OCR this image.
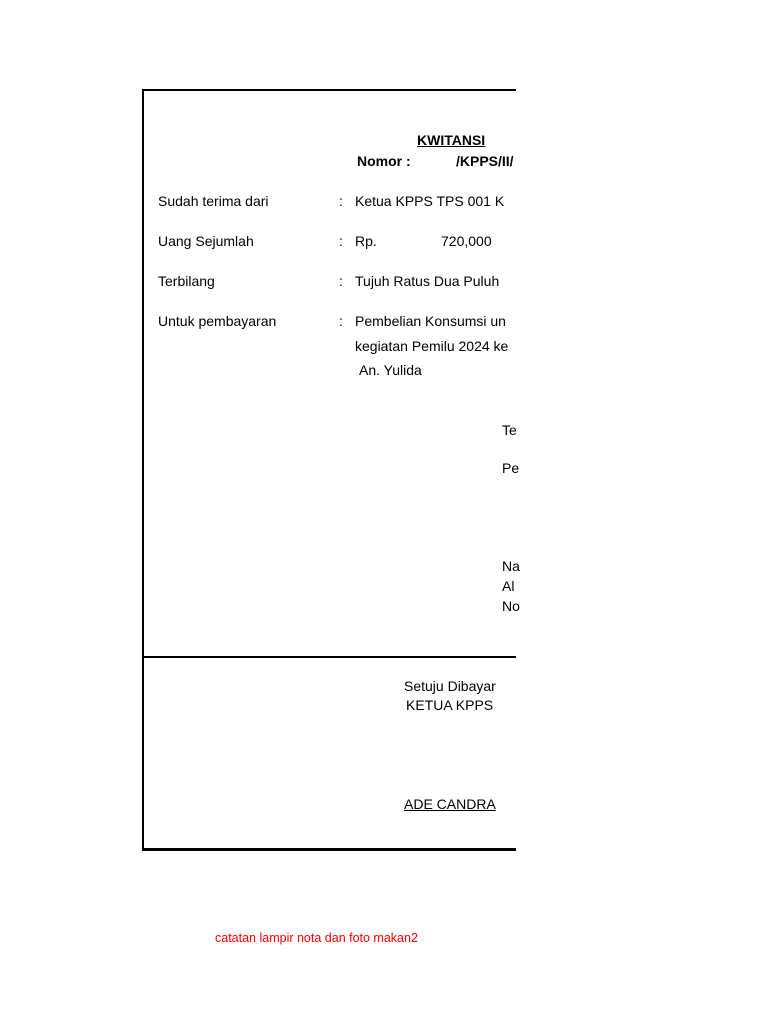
KWITANSI
Nomor :	/KPPS/II/
Sudah terima dari	: Ketua KPPS TPS 001 K
Uang Sejumlah	: Rp.	720,000
Terbilang	: Tujuh Ratus Dua Puluh
Untuk pembayaran	: Pembelian Konsumsi un
kegiatan Pemilu 2024 ke
An. Yulida
Te
Pe
Na
Al
No
Setuju Dibayar
KETUA KPPS
ADE CANDRA
catatan lampir nota dan foto makan2
